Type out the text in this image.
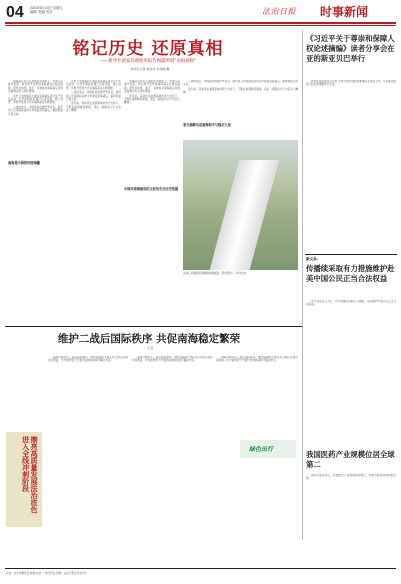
04 2024年8月23日 星期五
编辑/ 美编/ 校对	法治日报 时事新闻
铭记历史 还原真相
——新华社国家高端智库报告揭露所谓“南海真相”
新华社记者 黄永洋 刘伟刚 摄

南海诸岛自古以来就是中国领土。中国人民最早发现、命名和开发利用南海诸岛及相关海域，最早并持续、和平、有效地对南海诸岛及相关海域行使主权和管辖。

历史上中国渔民长期在南海诸岛进行生产生活活动，历代中国政府通过行政设置、海上巡逻、资源开发等方式对南海诸岛实施管辖。

二战结束后，中国政府依据开罗宣言、波茨坦公告等国际法律文件收复南海诸岛，重新恢复行使主权。

南海是中国的传统海疆

历史上中国渔民长期在南海诸岛进行生产生活活动，历代中国政府通过行政设置、海上巡逻、资源开发等方式对南海诸岛实施管辖。

二战结束后，中国政府依据开罗宣言、波茨坦公告等国际法律文件收复南海诸岛，重新恢复行使主权。

近年来，菲律宾在美国等域外势力支持下，不断在南海制造事端，违反《南海各方行为宣言》精神。

南海诸岛自古以来就是中国领土。中国人民最早发现、命名和开发利用南海诸岛及相关海域，最早并持续、和平、有效地对南海诸岛及相关海域行使主权和管辖。

近年来，菲律宾在美国等域外势力支持下，不断在南海制造事端，违反《南海各方行为宣言》精神。

中国对南海诸岛的主权有充分历史依据

二战结束后，中国政府依据开罗宣言、波茨坦公告等国际法律文件收复南海诸岛，重新恢复行使主权。

近年来，菲律宾在美国等域外势力支持下，不断在南海制造事端，违反《南海各方行为宣言》精神。

菲方挑衅有违南海和平与稳定大局
这是仁爱礁附近海域的航拍画面（资料照片）。新华社发
《习近平关于尊崇和保障人权论述摘编》读者分享会在亚的斯亚贝巴举行

新华社亚的斯亚贝巴电 分享会由中国驻埃塞俄比亚使馆主办，与会嘉宾围绕人权发展道路进行交流。

新文品：
传播续采取有力措施维护赴美中国公民正当合法权益

外交部发言人表示，中方将继续采取有力措施，坚决维护中国公民正当合法权益。

我国医药产业规模位居全球第二

国家药监局表示，我国医药产业规模稳步增长，创新药研发取得积极进展。

维护二战后国际秩序 共促南海稳定繁荣
王 坚

南海问题涉及二战后国际秩序。维护南海和平稳定符合地区各国共同利益，中方始终致力于通过谈判协商和平解决争议。

南海问题涉及二战后国际秩序。维护南海和平稳定符合地区各国共同利益，中方始终致力于通过谈判协商和平解决争议。

南海问题涉及二战后国际秩序。维护南海和平稳定符合地区各国共同利益，中方始终致力于通过谈判协商和平解决争议。

擦亮高质量发展法治底色 进入全线冲刺阶段	绿色出行
社址：北京市朝阳区 邮编 电话 广告许可证 印刷：法治日报社印务中心
